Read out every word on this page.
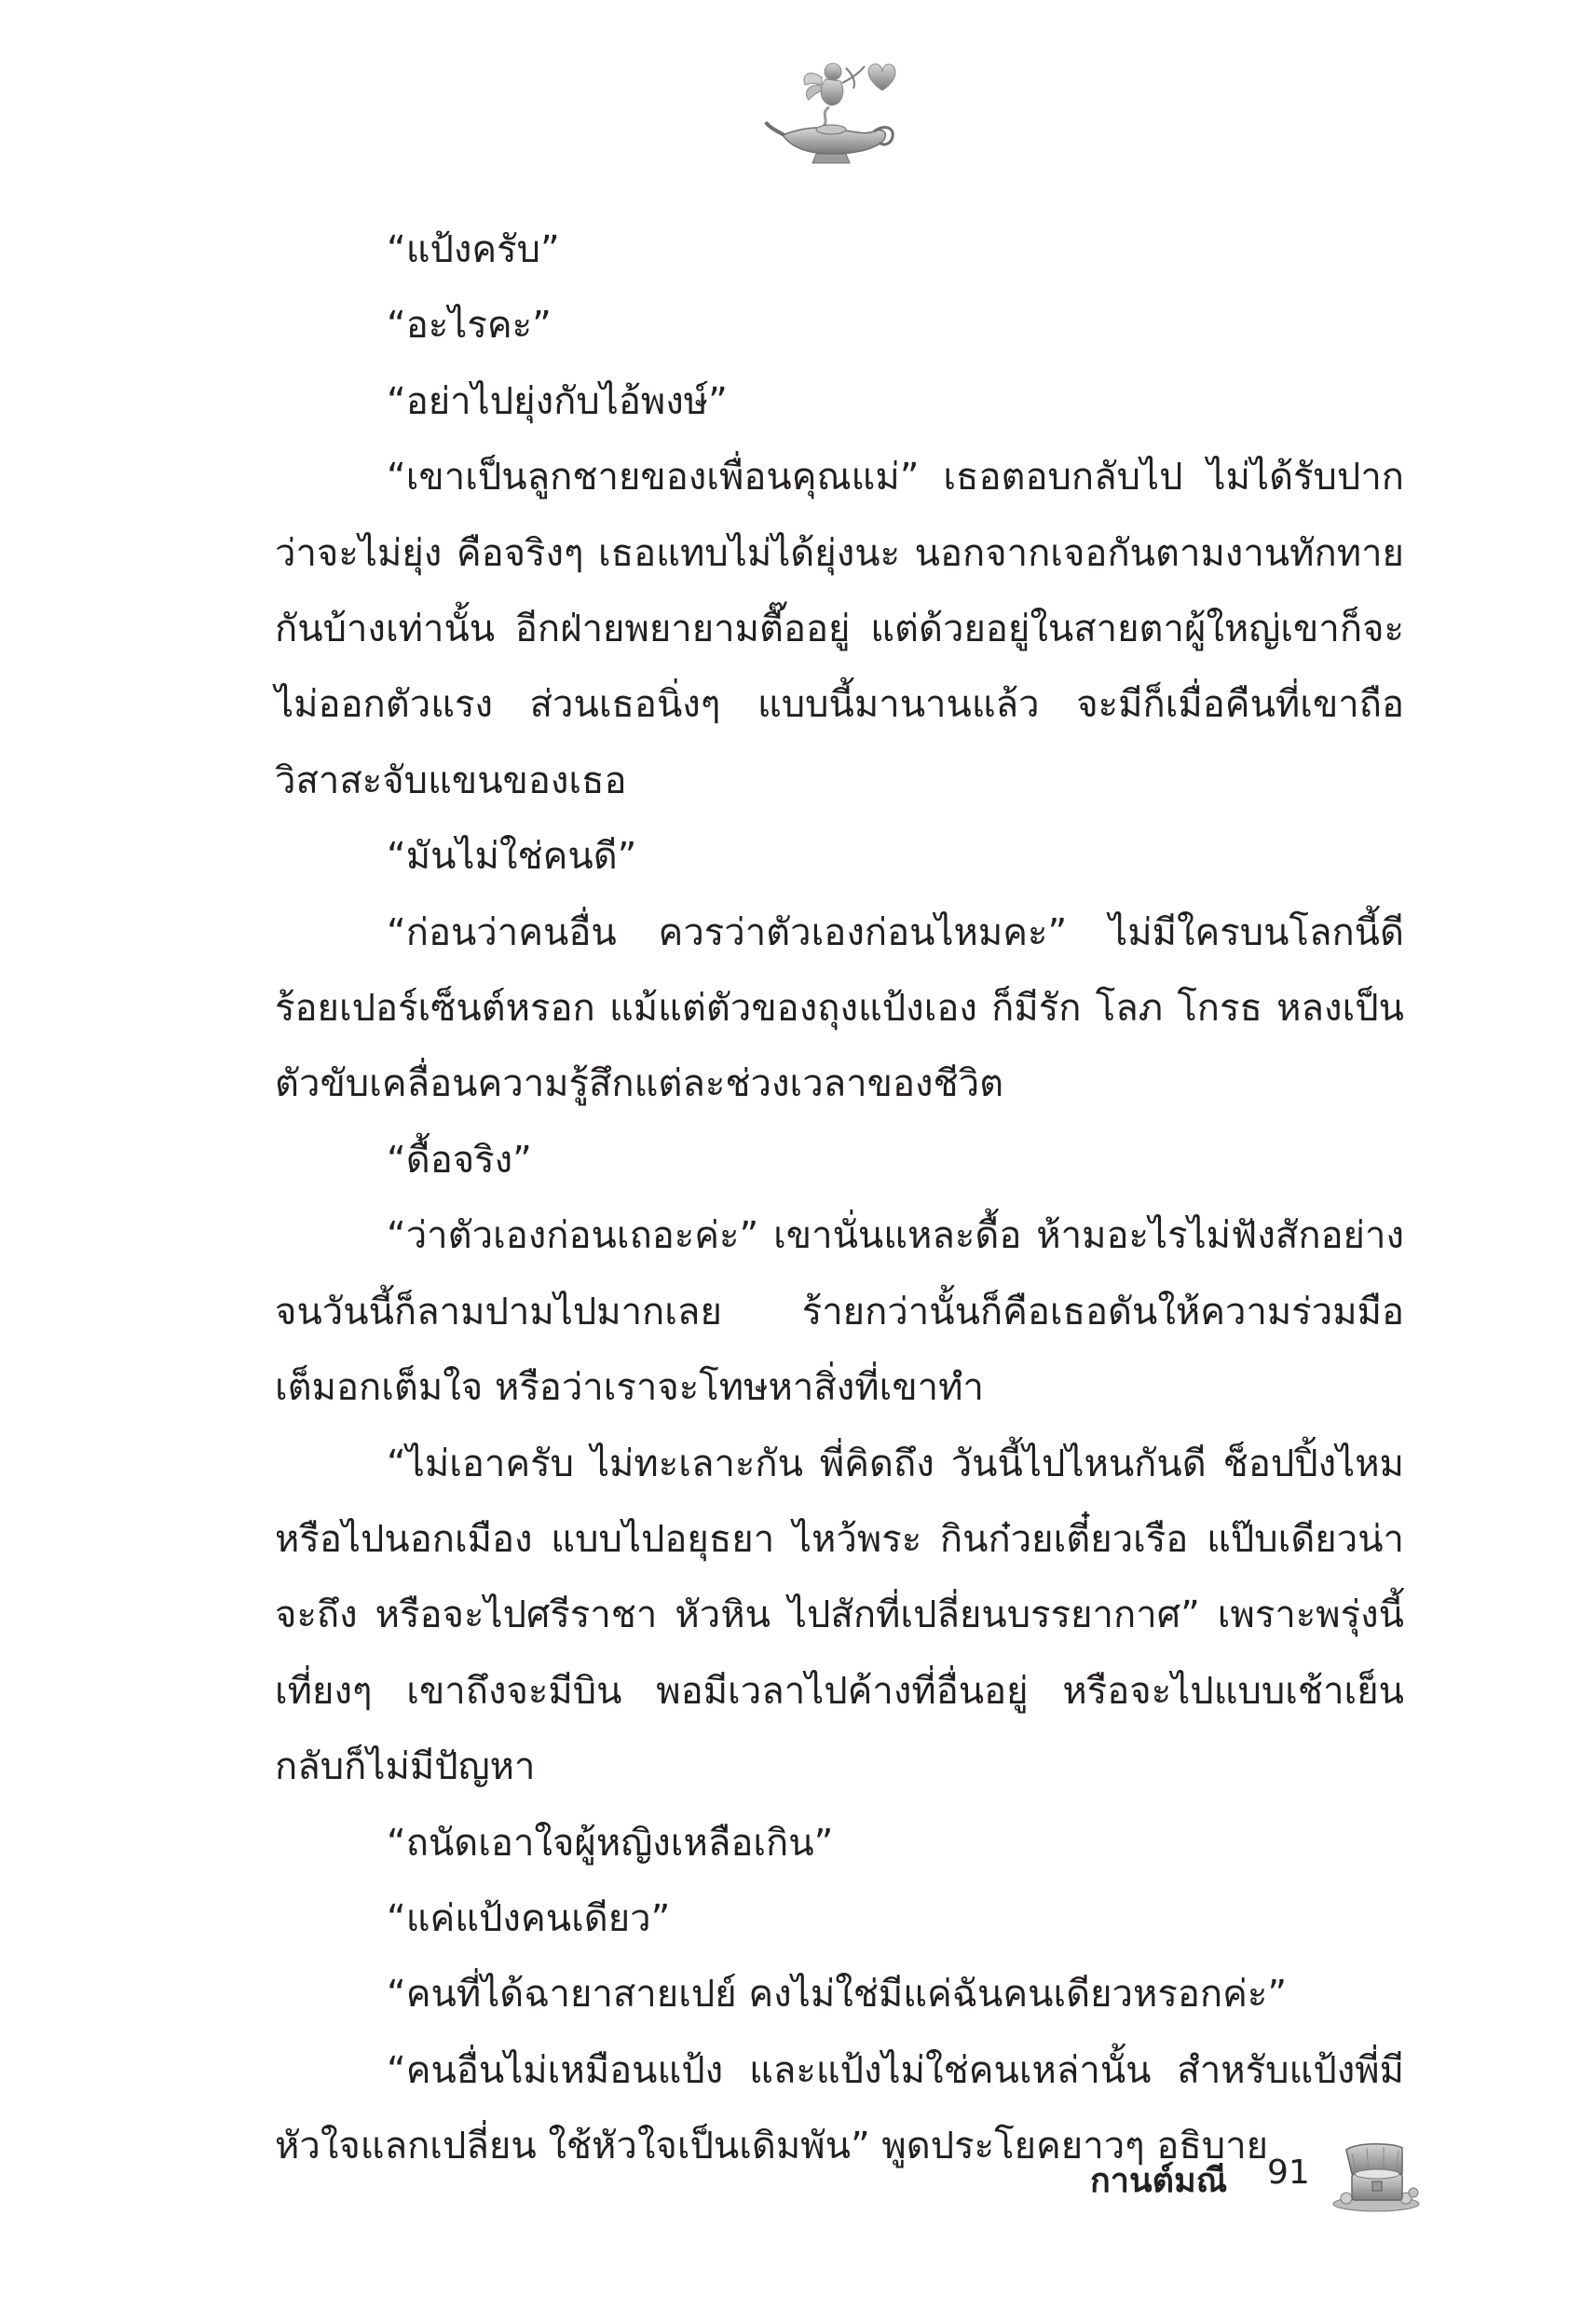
“แป้งครับ”

“อะไรคะ”

“อย่าไปยุ่งกับไอ้พงษ์”

“เขาเป็นลูกชายของเพื่อนคุณแม่” เธอตอบกลับไป ไม่ได้รับปากว่าจะไม่ยุ่ง คือจริงๆ เธอแทบไม่ได้ยุ่งนะ นอกจากเจอกันตามงานทักทายกันบ้างเท่านั้น อีกฝ่ายพยายามตื๊ออยู่ แต่ด้วยอยู่ในสายตาผู้ใหญ่เขาก็จะไม่ออกตัวแรง ส่วนเธอนิ่งๆ แบบนี้มานานแล้ว จะมีก็เมื่อคืนที่เขาถือวิสาสะจับแขนของเธอ

“มันไม่ใช่คนดี”

“ก่อนว่าคนอื่น ควรว่าตัวเองก่อนไหมคะ” ไม่มีใครบนโลกนี้ดีร้อยเปอร์เซ็นต์หรอก แม้แต่ตัวของถุงแป้งเอง ก็มีรัก โลภ โกรธ หลงเป็นตัวขับเคลื่อนความรู้สึกแต่ละช่วงเวลาของชีวิต

“ดื้อจริง”

“ว่าตัวเองก่อนเถอะค่ะ” เขานั่นแหละดื้อ ห้ามอะไรไม่ฟังสักอย่างจนวันนี้ก็ลามปามไปมากเลย ร้ายกว่านั้นก็คือเธอดันให้ความร่วมมือเต็มอกเต็มใจ หรือว่าเราจะโทษหาสิ่งที่เขาทำ

“ไม่เอาครับ ไม่ทะเลาะกัน พี่คิดถึง วันนี้ไปไหนกันดี ช็อปปิ้งไหม หรือไปนอกเมือง แบบไปอยุธยา ไหว้พระ กินก๋วยเตี๋ยวเรือ แป๊บเดียวน่าจะถึง หรือจะไปศรีราชา หัวหิน ไปสักที่เปลี่ยนบรรยากาศ” เพราะพรุ่งนี้เที่ยงๆ เขาถึงจะมีบิน พอมีเวลาไปค้างที่อื่นอยู่ หรือจะไปแบบเช้าเย็นกลับก็ไม่มีปัญหา

“ถนัดเอาใจผู้หญิงเหลือเกิน”

“แค่แป้งคนเดียว”

“คนที่ได้ฉายาสายเปย์ คงไม่ใช่มีแค่ฉันคนเดียวหรอกค่ะ”

“คนอื่นไม่เหมือนแป้ง และแป้งไม่ใช่คนเหล่านั้น สำหรับแป้งพี่มีหัวใจแลกเปลี่ยน ใช้หัวใจเป็นเดิมพัน” พูดประโยคยาวๆ อธิบาย

กานต์มณี 91
